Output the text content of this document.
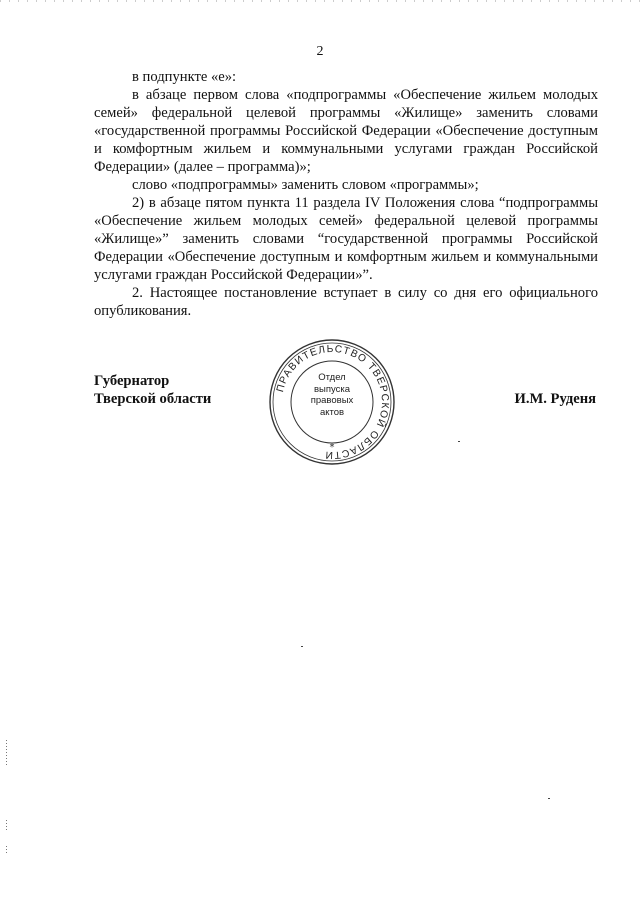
2

в подпункте «е»:

в абзаце первом слова «подпрограммы «Обеспечение жильем молодых семей» федеральной целевой программы «Жилище» заменить словами «государственной программы Российской Федерации «Обеспечение доступным и комфортным жильем и коммунальными услугами граждан Российской Федерации» (далее – программа)»;

слово «подпрограммы» заменить словом «программы»;

2) в абзаце пятом пункта 11 раздела IV Положения слова “подпрограммы «Обеспечение жильем молодых семей» федеральной целевой программы «Жилище»” заменить словами “государственной программы Российской Федерации «Обеспечение доступным и комфортным жильем и коммунальными услугами граждан Российской Федерации»”.

2. Настоящее постановление вступает в силу со дня его официального опубликования.

Губернатор
Тверской области
ПРАВИТЕЛЬСТВО ТВЕРСКОЙ ОБЛАСТИ
Отдел
выпуска
правовых
актов
*
И.М. Руденя
